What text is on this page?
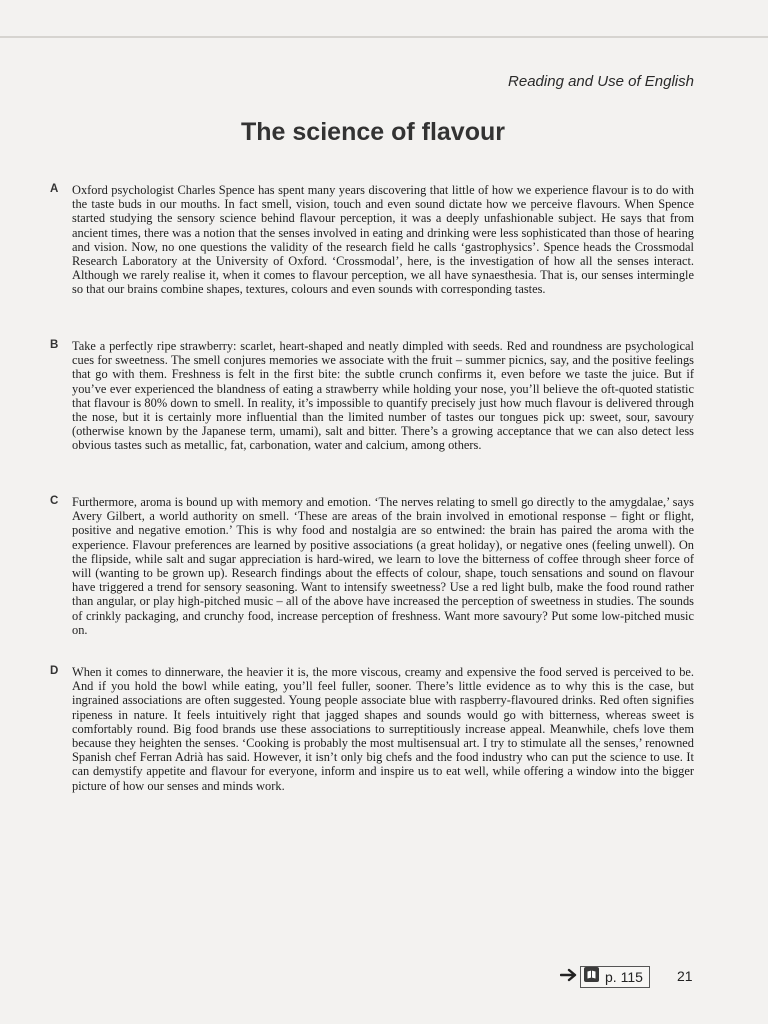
Reading and Use of English
The science of flavour
A Oxford psychologist Charles Spence has spent many years discovering that little of how we experience flavour is to do with the taste buds in our mouths. In fact smell, vision, touch and even sound dictate how we perceive flavours. When Spence started studying the sensory science behind flavour perception, it was a deeply unfashionable subject. He says that from ancient times, there was a notion that the senses involved in eating and drinking were less sophisticated than those of hearing and vision. Now, no one questions the validity of the research field he calls ‘gastrophysics’. Spence heads the Crossmodal Research Laboratory at the University of Oxford. ‘Crossmodal’, here, is the investigation of how all the senses interact. Although we rarely realise it, when it comes to flavour perception, we all have synaesthesia. That is, our senses intermingle so that our brains combine shapes, textures, colours and even sounds with corresponding tastes.

B Take a perfectly ripe strawberry: scarlet, heart-shaped and neatly dimpled with seeds. Red and roundness are psychological cues for sweetness. The smell conjures memories we associate with the fruit – summer picnics, say, and the positive feelings that go with them. Freshness is felt in the first bite: the subtle crunch confirms it, even before we taste the juice. But if you’ve ever experienced the blandness of eating a strawberry while holding your nose, you’ll believe the oft-quoted statistic that flavour is 80% down to smell. In reality, it’s impossible to quantify precisely just how much flavour is delivered through the nose, but it is certainly more influential than the limited number of tastes our tongues pick up: sweet, sour, savoury (otherwise known by the Japanese term, umami), salt and bitter. There’s a growing acceptance that we can also detect less obvious tastes such as metallic, fat, carbonation, water and calcium, among others.

C Furthermore, aroma is bound up with memory and emotion. ‘The nerves relating to smell go directly to the amygdalae,’ says Avery Gilbert, a world authority on smell. ‘These are areas of the brain involved in emotional response – fight or flight, positive and negative emotion.’ This is why food and nostalgia are so entwined: the brain has paired the aroma with the experience. Flavour preferences are learned by positive associations (a great holiday), or negative ones (feeling unwell). On the flipside, while salt and sugar appreciation is hard-wired, we learn to love the bitterness of coffee through sheer force of will (wanting to be grown up). Research findings about the effects of colour, shape, touch sensations and sound on flavour have triggered a trend for sensory seasoning. Want to intensify sweetness? Use a red light bulb, make the food round rather than angular, or play high-pitched music – all of the above have increased the perception of sweetness in studies. The sounds of crinkly packaging, and crunchy food, increase perception of freshness. Want more savoury? Put some low-pitched music on.

D When it comes to dinnerware, the heavier it is, the more viscous, creamy and expensive the food served is perceived to be. And if you hold the bowl while eating, you’ll feel fuller, sooner. There’s little evidence as to why this is the case, but ingrained associations are often suggested. Young people associate blue with raspberry-flavoured drinks. Red often signifies ripeness in nature. It feels intuitively right that jagged shapes and sounds would go with bitterness, whereas sweet is comfortably round. Big food brands use these associations to surreptitiously increase appeal. Meanwhile, chefs love them because they heighten the senses. ‘Cooking is probably the most multisensual art. I try to stimulate all the senses,’ renowned Spanish chef Ferran Adrià has said. However, it isn’t only big chefs and the food industry who can put the science to use. It can demystify appetite and flavour for everyone, inform and inspire us to eat well, while offering a window into the bigger picture of how our senses and minds work.

p. 115 21
